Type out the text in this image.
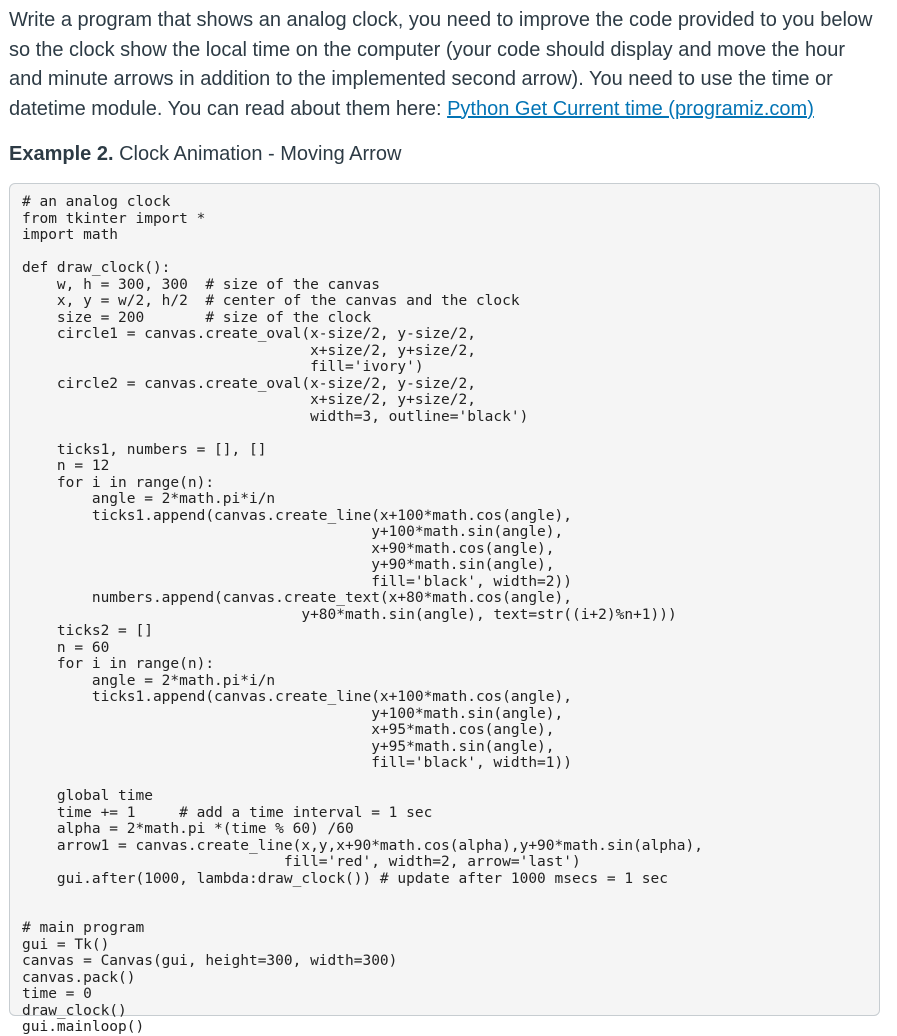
Write a program that shows an analog clock, you need to improve the code provided to you below so the clock show the local time on the computer (your code should display and move the hour and minute arrows in addition to the implemented second arrow). You need to use the time or datetime module. You can read about them here: Python Get Current time (programiz.com)

Example 2. Clock Animation - Moving Arrow
# an analog clock
from tkinter import *
import math

def draw_clock():
w, h = 300, 300  # size of the canvas
x, y = w/2, h/2  # center of the canvas and the clock
size = 200       # size of the clock
circle1 = canvas.create_oval(x-size/2, y-size/2,
x+size/2, y+size/2,
fill='ivory')
circle2 = canvas.create_oval(x-size/2, y-size/2,
x+size/2, y+size/2,
width=3, outline='black')

ticks1, numbers = [], []
n = 12
for i in range(n):
angle = 2*math.pi*i/n
ticks1.append(canvas.create_line(x+100*math.cos(angle),
y+100*math.sin(angle),
x+90*math.cos(angle),
y+90*math.sin(angle),
fill='black', width=2))
numbers.append(canvas.create_text(x+80*math.cos(angle),
y+80*math.sin(angle), text=str((i+2)%n+1)))
ticks2 = []
n = 60
for i in range(n):
angle = 2*math.pi*i/n
ticks1.append(canvas.create_line(x+100*math.cos(angle),
y+100*math.sin(angle),
x+95*math.cos(angle),
y+95*math.sin(angle),
fill='black', width=1))

global time
time += 1     # add a time interval = 1 sec
alpha = 2*math.pi *(time % 60) /60
arrow1 = canvas.create_line(x,y,x+90*math.cos(alpha),y+90*math.sin(alpha),
fill='red', width=2, arrow='last')
gui.after(1000, lambda:draw_clock()) # update after 1000 msecs = 1 sec

# main program
gui = Tk()
canvas = Canvas(gui, height=300, width=300)
canvas.pack()
time = 0
draw_clock()
gui.mainloop()
